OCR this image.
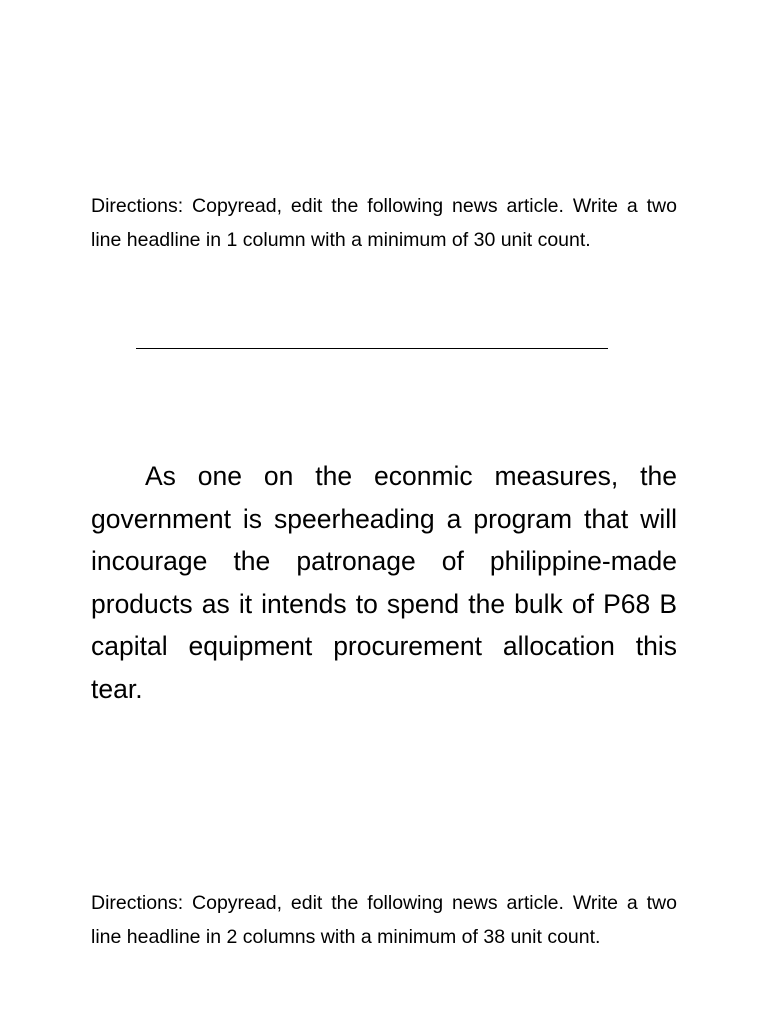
Directions: Copyread, edit the following news article. Write a two line headline in 1 column with a minimum of 30 unit count.

As one on the econmic measures, the government is speerheading a program that will incourage the patronage of philippine-made products as it intends to spend the bulk of P68 B capital equipment procurement allocation this tear.

Directions: Copyread, edit the following news article. Write a two line headline in 2 columns with a minimum of 38 unit count.
